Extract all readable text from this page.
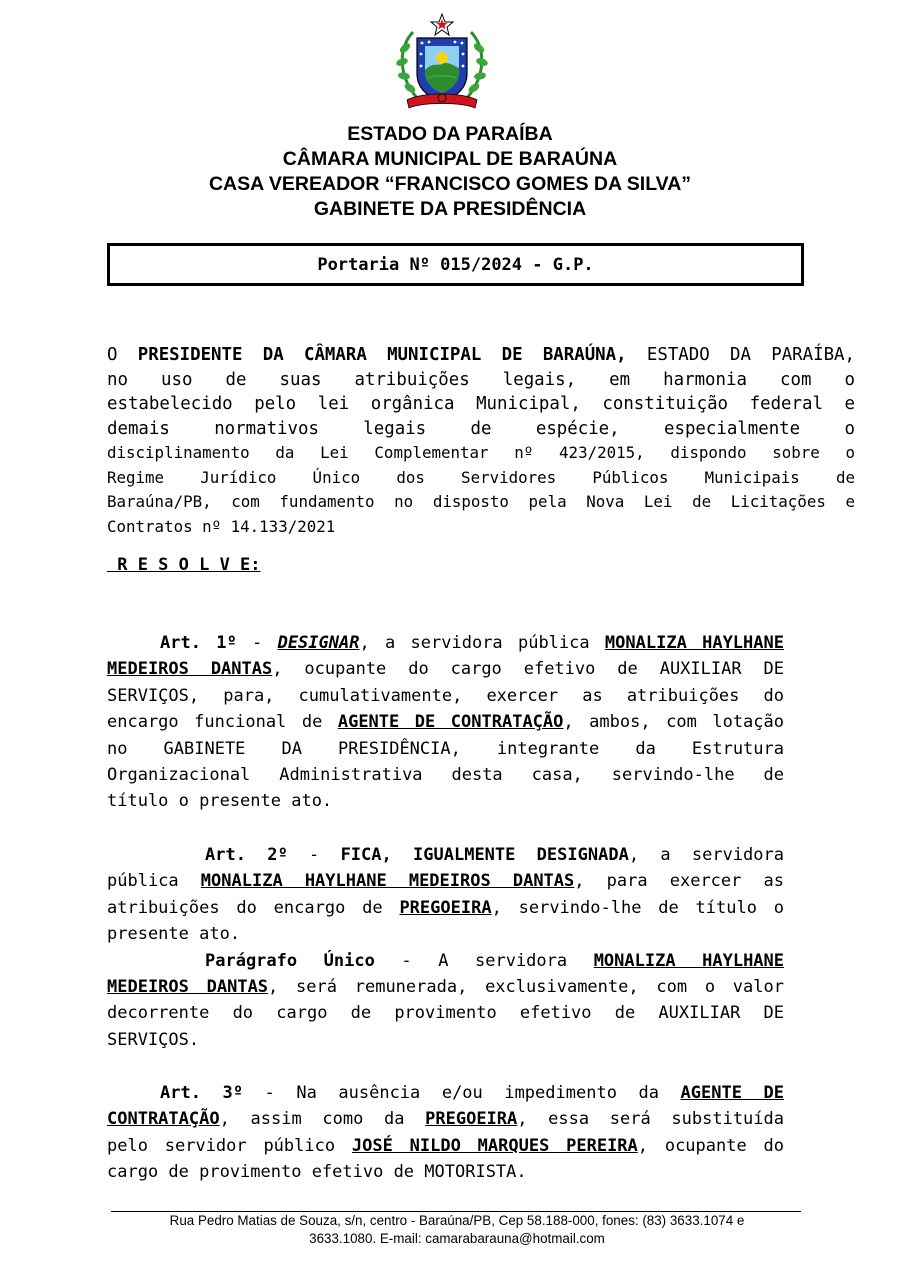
ESTADO DA PARAÍBA
CÂMARA MUNICIPAL DE BARAÚNA
CASA VEREADOR “FRANCISCO GOMES DA SILVA”
GABINETE DA PRESIDÊNCIA
Portaria Nº 015/2024 - G.P.
O PRESIDENTE DA CÂMARA MUNICIPAL DE BARAÚNA, ESTADO DA PARAÍBA,
no uso de suas atribuições legais, em harmonia com o
estabelecido pelo lei orgânica Municipal, constituição federal e
demais normativos legais de espécie, especialmente o
disciplinamento da Lei Complementar nº 423/2015, dispondo sobre o
Regime Jurídico Único dos Servidores Públicos Municipais de
Baraúna/PB, com fundamento no disposto pela Nova Lei de Licitações e
Contratos nº 14.133/2021
R E S O L V E:
Art. 1º - DESIGNAR, a servidora pública MONALIZA HAYLHANE
MEDEIROS DANTAS, ocupante do cargo efetivo de AUXILIAR DE
SERVIÇOS, para, cumulativamente, exercer as atribuições do
encargo funcional de AGENTE DE CONTRATAÇÃO, ambos, com lotação
no GABINETE DA PRESIDÊNCIA, integrante da Estrutura
Organizacional Administrativa desta casa, servindo-lhe de
título o presente ato.
Art. 2º - FICA, IGUALMENTE DESIGNADA, a servidora
pública MONALIZA HAYLHANE MEDEIROS DANTAS, para exercer as
atribuições do encargo de PREGOEIRA, servindo-lhe de título o
presente ato.
Parágrafo Único - A servidora MONALIZA HAYLHANE
MEDEIROS DANTAS, será remunerada, exclusivamente, com o valor
decorrente do cargo de provimento efetivo de AUXILIAR DE
SERVIÇOS.
Art. 3º - Na ausência e/ou impedimento da AGENTE DE
CONTRATAÇÃO, assim como da PREGOEIRA, essa será substituída
pelo servidor público JOSÉ NILDO MARQUES PEREIRA, ocupante do
cargo de provimento efetivo de MOTORISTA.
Rua Pedro Matias de Souza, s/n, centro - Baraúna/PB, Cep 58.188-000, fones: (83) 3633.1074 e
3633.1080. E-mail: camarabarauna@hotmail.com
